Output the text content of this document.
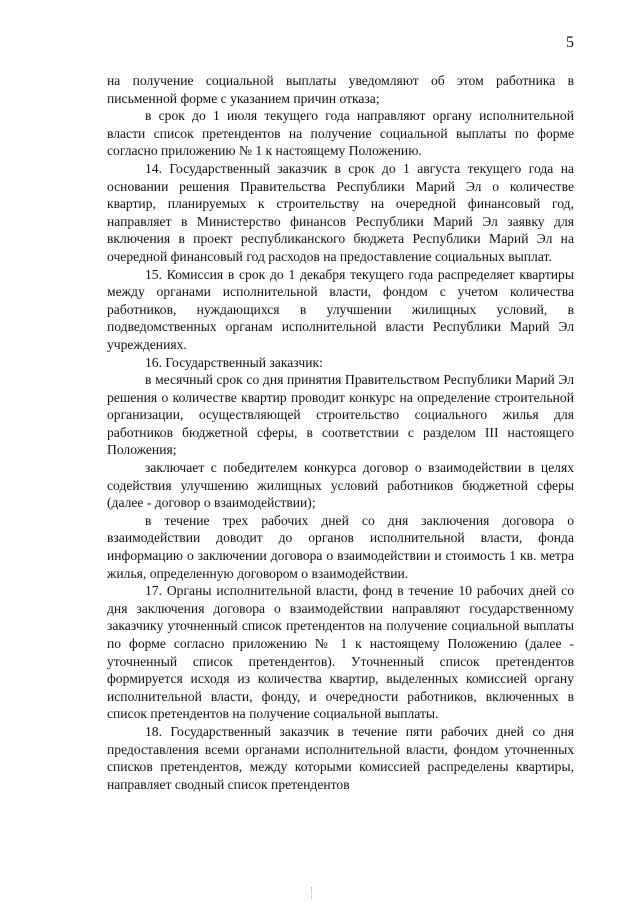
5

на получение социальной выплаты уведомляют об этом работника в письменной форме с указанием причин отказа;

в срок до 1 июля текущего года направляют органу исполнительной власти список претендентов на получение социальной выплаты по форме согласно приложению № 1 к настоящему Положению.

14. Государственный заказчик в срок до 1 августа текущего года на основании решения Правительства Республики Марий Эл о количестве квартир, планируемых к строительству на очередной финансовый год, направляет в Министерство финансов Республики Марий Эл заявку для включения в проект республиканского бюджета Республики Марий Эл на очередной финансовый год расходов на предоставление социальных выплат.

15. Комиссия в срок до 1 декабря текущего года распределяет квартиры между органами исполнительной власти, фондом с учетом количества работников, нуждающихся в улучшении жилищных условий, в подведомственных органам исполнительной власти Республики Марий Эл учреждениях.

16. Государственный заказчик:

в месячный срок со дня принятия Правительством Республики Марий Эл решения о количестве квартир проводит конкурс на определение строительной организации, осуществляющей строительство социального жилья для работников бюджетной сферы, в соответствии с разделом III настоящего Положения;

заключает с победителем конкурса договор о взаимодействии в целях содействия улучшению жилищных условий работников бюджетной сферы (далее - договор о взаимодействии);

в течение трех рабочих дней со дня заключения договора о взаимодействии доводит до органов исполнительной власти, фонда информацию о заключении договора о взаимодействии и стоимость 1 кв. метра жилья, определенную договором о взаимодействии.

17. Органы исполнительной власти, фонд в течение 10 рабочих дней со дня заключения договора о взаимодействии направляют государственному заказчику уточненный список претендентов на получение социальной выплаты по форме согласно приложению № 1 к настоящему Положению (далее - уточненный список претендентов). Уточненный список претендентов формируется исходя из количества квартир, выделенных комиссией органу исполнительной власти, фонду, и очередности работников, включенных в список претендентов на получение социальной выплаты.

18. Государственный заказчик в течение пяти рабочих дней со дня предоставления всеми органами исполнительной власти, фондом уточненных списков претендентов, между которыми комиссией распределены квартиры, направляет сводный список претендентов
